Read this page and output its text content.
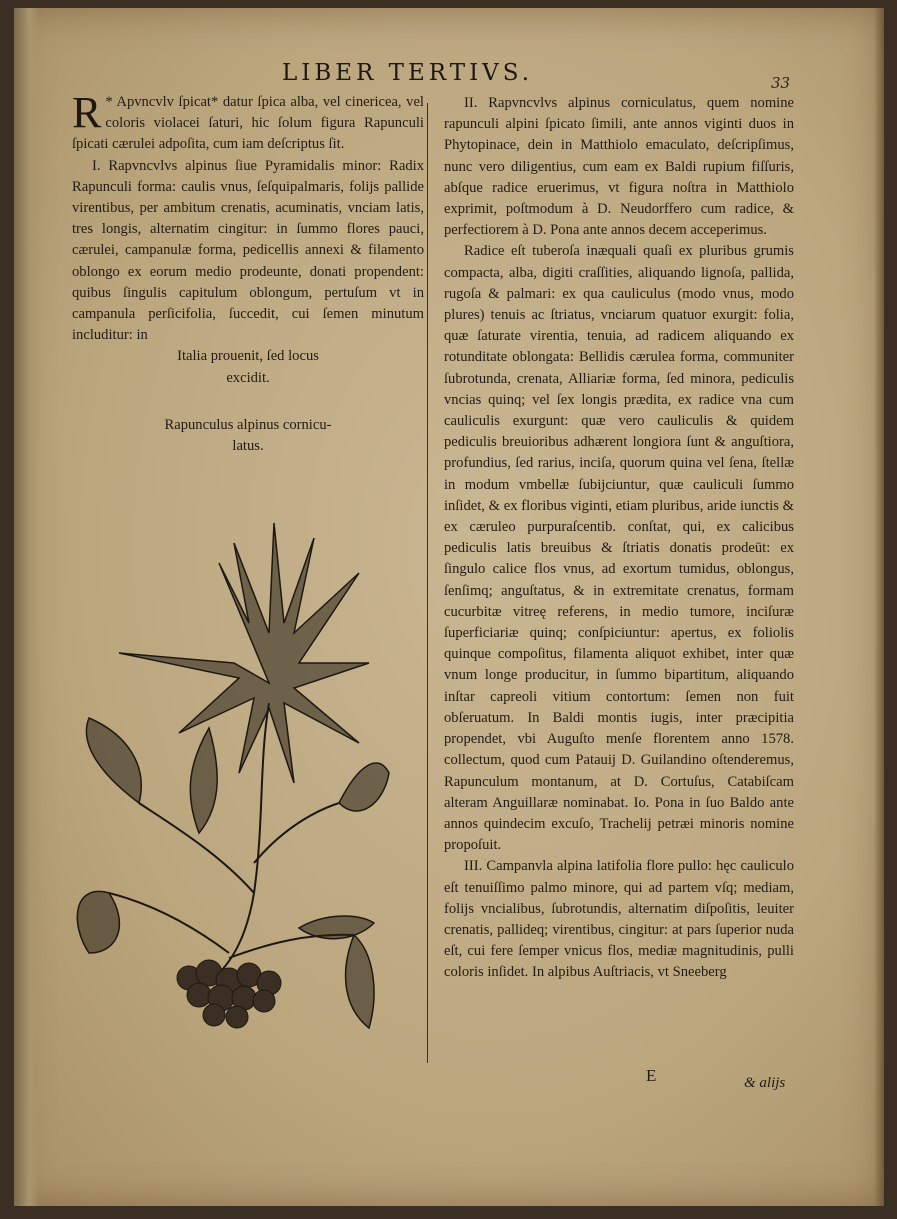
LIBER TERTIVS.	33

R * Apvncvlv ſpicat* datur ſpica alba, vel cinericea, vel coloris violacei ſaturi, hic ſolum figura Rapunculi ſpicati cærulei adpoſita, cum iam deſcriptus ſit.

I. Rapvncvlvs alpinus ſiue Pyramidalis minor: Radix Rapunculi forma: caulis vnus, ſeſquipalmaris, folijs pallide virentibus, per ambitum crenatis, acuminatis, vnciam latis, tres longis, alternatim cingitur: in ſummo flores pauci, cærulei, campanulæ forma, pedicellis annexi & filamento oblongo ex eorum medio prodeunte, donati propendent: quibus ſingulis capitulum oblongum, pertuſum vt in campanula perſicifolia, ſuccedit, cui ſemen minutum includitur: in

Italia prouenit, ſed locus

excidit.

Rapunculus alpinus cornicu-
latus.

II. Rapvncvlvs alpinus corniculatus, quem nomine rapunculi alpini ſpicato ſimili, ante annos viginti duos in Phytopinace, dein in Matthiolo emaculato, deſcripſimus, nunc vero diligentius, cum eam ex Baldi rupium fiſſuris, abſque radice eruerimus, vt figura noſtra in Matthiolo exprimit, poſtmodum à D. Neudorffero cum radice, & perfectiorem à D. Pona ante annos decem acceperimus.

Radice eſt tuberoſa inæquali quaſi ex pluribus grumis compacta, alba, digiti craſſities, aliquando lignoſa, pallida, rugoſa & palmari: ex qua cauliculus (modo vnus, modo plures) tenuis ac ſtriatus, vnciarum quatuor exurgit: folia, quæ ſaturate virentia, tenuia, ad radicem aliquando ex rotunditate oblongata: Bellidis cærulea forma, communiter ſubrotunda, crenata, Alliariæ forma, ſed minora, pediculis vncias quinq; vel ſex longis prædita, ex radice vna cum cauliculis exurgunt: quæ vero cauliculis & quidem pediculis breuioribus adhærent longiora ſunt & anguſtiora, profundius, ſed rarius, inciſa, quorum quina vel ſena, ſtellæ in modum vmbellæ ſubijciuntur, quæ cauliculi ſummo inſidet, & ex floribus viginti, etiam pluribus, aride iunctis & ex cæruleo purpuraſcentib. conſtat, qui, ex calicibus pediculis latis breuibus & ſtriatis donatis prodeūt: ex ſingulo calice flos vnus, ad exortum tumidus, oblongus, ſenſimq; anguſtatus, & in extremitate crenatus, formam cucurbitæ vitreę referens, in medio tumore, inciſuræ ſuperficiariæ quinq; conſpiciuntur: apertus, ex foliolis quinque compoſitus, filamenta aliquot exhibet, inter quæ vnum longe producitur, in ſummo bipartitum, aliquando inſtar capreoli vitium contortum: ſemen non fuit obſeruatum. In Baldi montis iugis, inter præcipitia propendet, vbi Auguſto menſe florentem anno 1578. collectum, quod cum Patauij D. Guilandino oſtenderemus, Rapunculum montanum, at D. Cortuſus, Catabiſcam alteram Anguillaræ nominabat. Io. Pona in ſuo Baldo ante annos quindecim excuſo, Trachelij petræi minoris nomine propoſuit.

III. Campanvla alpina latifolia flore pullo: hęc cauliculo eſt tenuiſſimo palmo minore, qui ad partem vſq; mediam, folijs vncialibus, ſubrotundis, alternatim diſpoſitis, leuiter crenatis, pallideq; virentibus, cingitur: at pars ſuperior nuda eſt, cui fere ſemper vnicus flos, mediæ magnitudinis, pulli coloris inſidet. In alpibus Auſtriacis, vt Sneeberg

E	& alijs
